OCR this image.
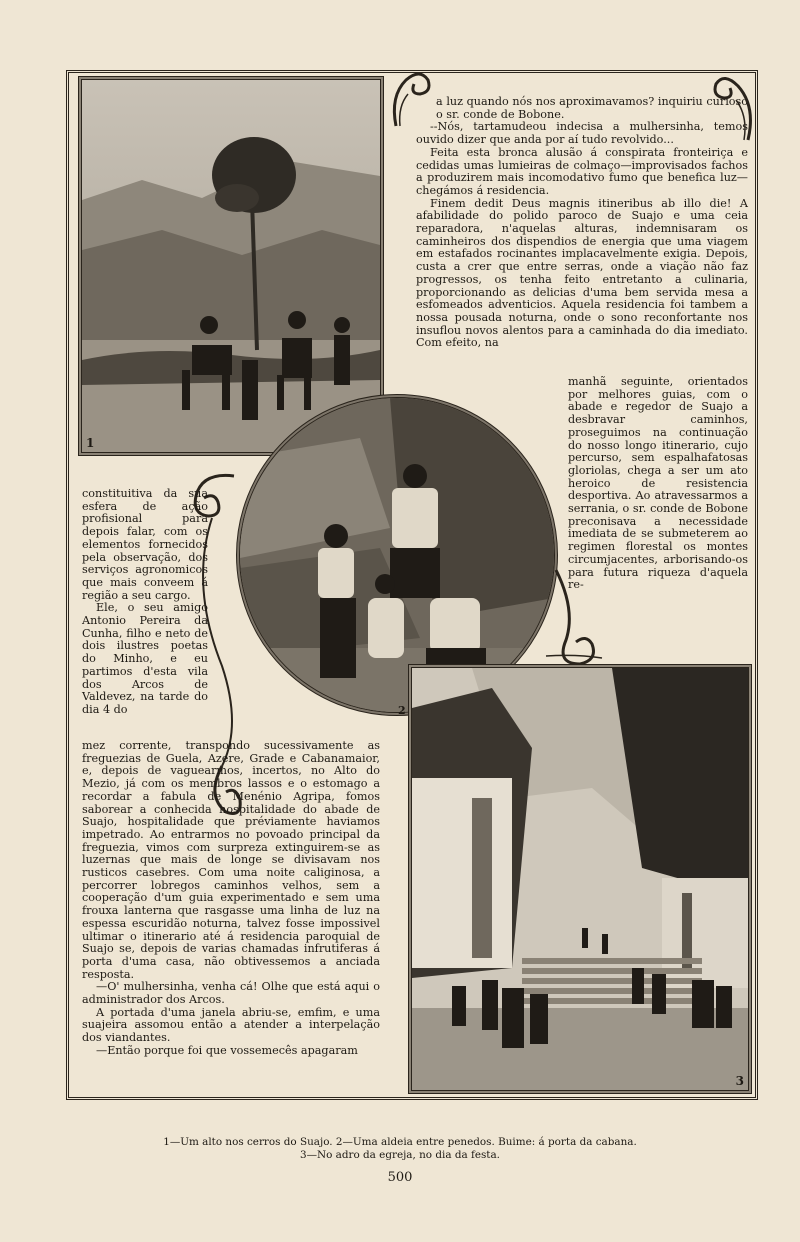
1

a luz quando nós nos aproximavamos? inquiriu curioso o sr. conde de Bobone.

--Nós, tartamudeou indecisa a mulhersinha, temos ouvido dizer que anda por aí tudo revolvido...

Feita esta bronca alusão á conspirata fronteiriça e cedidas umas lumieiras de colmaço—improvisados fachos a produzirem mais incomodativo fumo que benefica luz—chegámos á residencia.

Finem dedit Deus magnis itineribus ab illo die! A afabilidade do polido paroco de Suajo e uma ceia reparadora, n'aquelas alturas, indemnisaram os caminheiros dos dispendios de energia que uma viagem em estafados rocinantes implacavelmente exigia. Depois, custa a crer que entre serras, onde a viação não faz progressos, os tenha feito entretanto a culinaria, proporcionando as delicias d'uma bem servida mesa a esfomeados adventicios. Aquela residencia foi tambem a nossa pousada noturna, onde o sono reconfortante nos insuflou novos alentos para a caminhada do dia imediato. Com efeito, na

2

manhã seguinte, orientados por melhores guias, com o abade e regedor de Suajo a desbravar caminhos, proseguimos na continuação do nosso longo itinerario, cujo percurso, sem espalhafatosas gloriolas, chega a ser um ato heroico de resistencia desportiva. Ao atravessarmos a serrania, o sr. conde de Bobone preconisava a necessidade imediata de se submeterem ao regimen florestal os montes circumjacentes, arborisando-os para futura riqueza d'aquela re-

constituitiva da sua esfera de ação profisional para depois falar, com os elementos fornecidos pela observação, dos serviços agronomicos que mais conveem á região a seu cargo.

Ele, o seu amigo Antonio Pereira da Cunha, filho e neto de dois ilustres poetas do Minho, e eu partimos d'esta vila dos Arcos de Valdevez, na tarde do dia 4 do

mez corrente, transpondo sucessivamente as freguezias de Guela, Azere, Grade e Cabanamaior, e, depois de vaguearmos, incertos, no Alto do Mezio, já com os membros lassos e o estomago a recordar a fabula de Menénio Agripa, fomos saborear a conhecida hospitalidade do abade de Suajo, hospitalidade que préviamente haviamos impetrado. Ao entrarmos no povoado principal da freguezia, vimos com surpreza extinguirem-se as luzernas que mais de longe se divisavam nos rusticos casebres. Com uma noite caliginosa, a percorrer lobregos caminhos velhos, sem a cooperação d'um guia experimentado e sem uma frouxa lanterna que rasgasse uma linha de luz na espessa escuridão noturna, talvez fosse impossivel ultimar o itinerario até á residencia paroquial de Suajo se, depois de varias chamadas infrutiferas á porta d'uma casa, não obtivessemos a anciada resposta.

—O' mulhersinha, venha cá! Olhe que está aqui o administrador dos Arcos.

A portada d'uma janela abriu-se, emfim, e uma suajeira assomou então a atender a interpelação dos viandantes.

—Então porque foi que vossemecês apagaram

3
1—Um alto nos cerros do Suajo. 2—Uma aldeia entre penedos. Buime: á porta da cabana.
3—No adro da egreja, no dia da festa.
500
